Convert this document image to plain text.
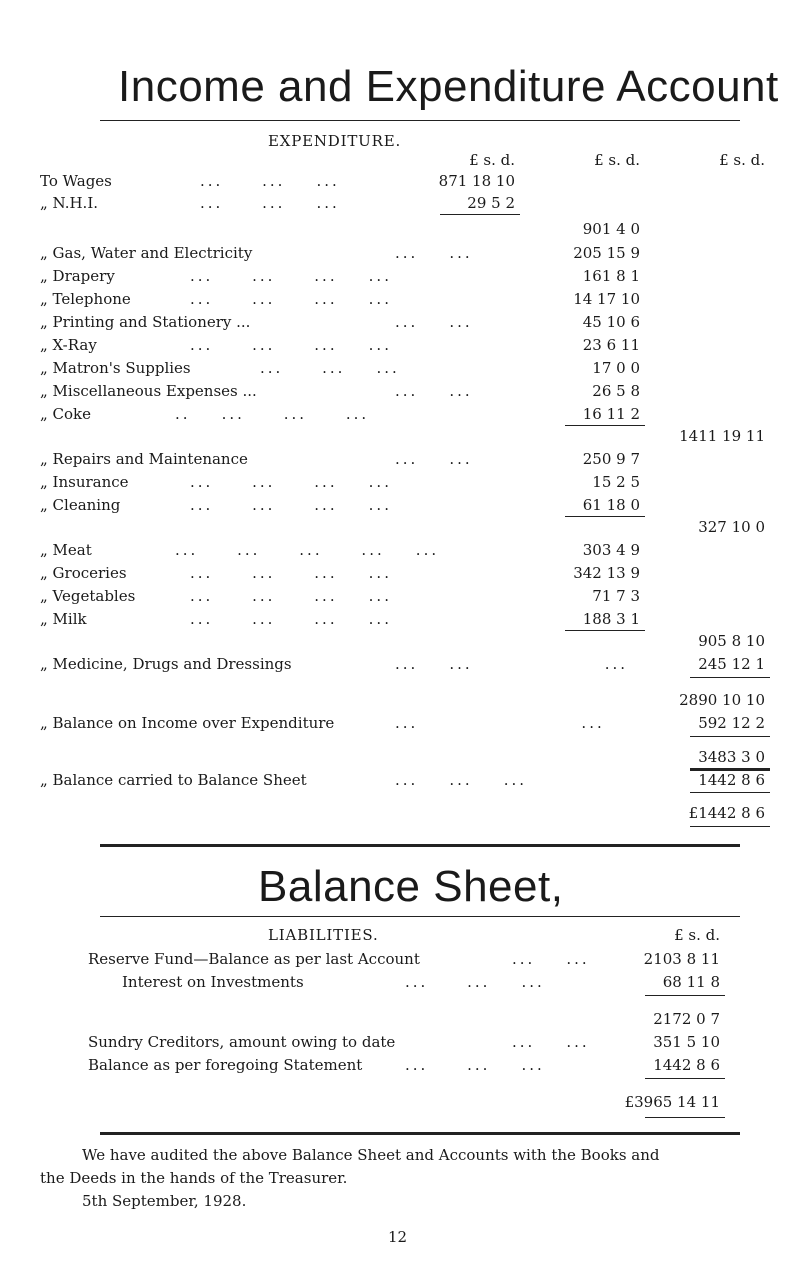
Income and Expenditure Account
EXPENDITURE.
£ s. d.	£ s. d.	£ s. d.
To Wages	...     ...    ...	871 18 10
„ N.H.I.	...     ...    ...	29 5 2
901 4 0
„ Gas, Water and Electricity	...    ...	205 15 9
„ Drapery	...     ...     ...    ...	161 8 1
„ Telephone	...     ...     ...    ...	14 17 10
„ Printing and Stationery ...	...    ...	45 10 6
„ X-Ray	...     ...     ...    ...	23 6 11
„ Matron's Supplies	...     ...    ...	17 0 0
„ Miscellaneous Expenses ...	...    ...	26 5 8
„ Coke	..    ...     ...     ...	16 11 2
1411 19 11
„ Repairs and Maintenance	...    ...	250 9 7
„ Insurance	...     ...     ...    ...	15 2 5
„ Cleaning	...     ...     ...    ...	61 18 0
327 10 0
„ Meat	...     ...     ...     ...    ...	303 4 9
„ Groceries	...     ...     ...    ...	342 13 9
„ Vegetables	...     ...     ...    ...	71 7 3
„ Milk	...     ...     ...    ...	188 3 1
905 8 10
„ Medicine, Drugs and Dressings	...    ...                 ...	245 12 1
2890 10 10
„ Balance on Income over Expenditure	...                     ...	592 12 2
3483 3 0
„ Balance carried to Balance Sheet	...    ...    ...	1442 8 6
£1442 8 6
Balance Sheet,
LIABILITIES.	£ s. d.
Reserve Fund—Balance as per last Account	...    ...	2103 8 11
Interest on Investments	...     ...    ...	68 11 8
2172 0 7
Sundry Creditors, amount owing to date	...    ...	351 5 10
Balance as per foregoing Statement	...     ...    ...	1442 8 6
£3965 14 11
We have audited the above Balance Sheet and Accounts with the Books and
the Deeds in the hands of the Treasurer.
5th September, 1928.
12
